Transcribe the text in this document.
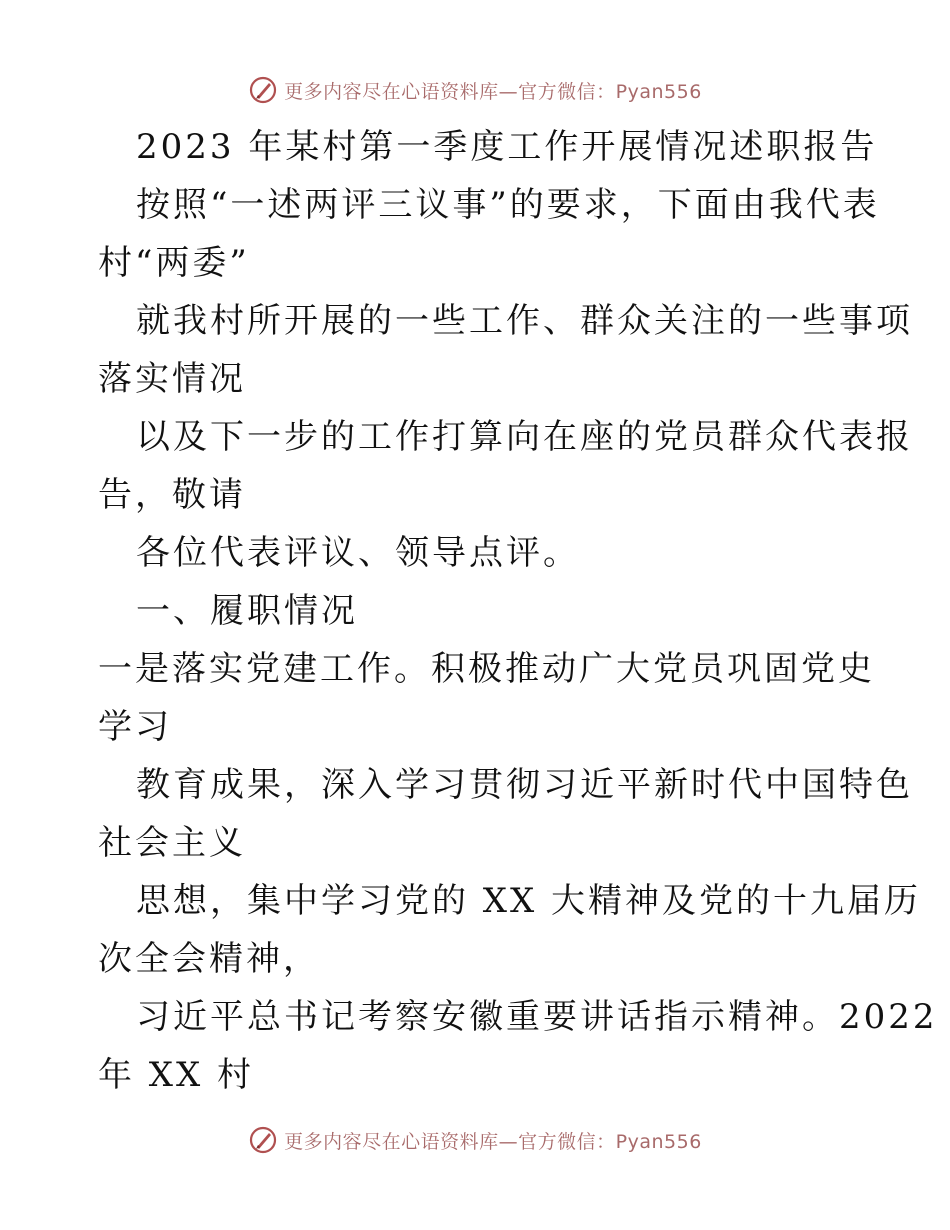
更多内容尽在心语资料库—官方微信：Pyan556
2023 年某村第一季度工作开展情况述职报告
按照“一述两评三议事”的要求，下面由我代表
村“两委”
就我村所开展的一些工作、群众关注的一些事项
落实情况
以及下一步的工作打算向在座的党员群众代表报
告，敬请
各位代表评议、领导点评。
一、履职情况
一是落实党建工作。积极推动广大党员巩固党史
学习
教育成果，深入学习贯彻习近平新时代中国特色
社会主义
思想，集中学习党的 XX 大精神及党的十九届历
次全会精神，
习近平总书记考察安徽重要讲话指示精神。2022
年 XX 村
更多内容尽在心语资料库—官方微信：Pyan556
